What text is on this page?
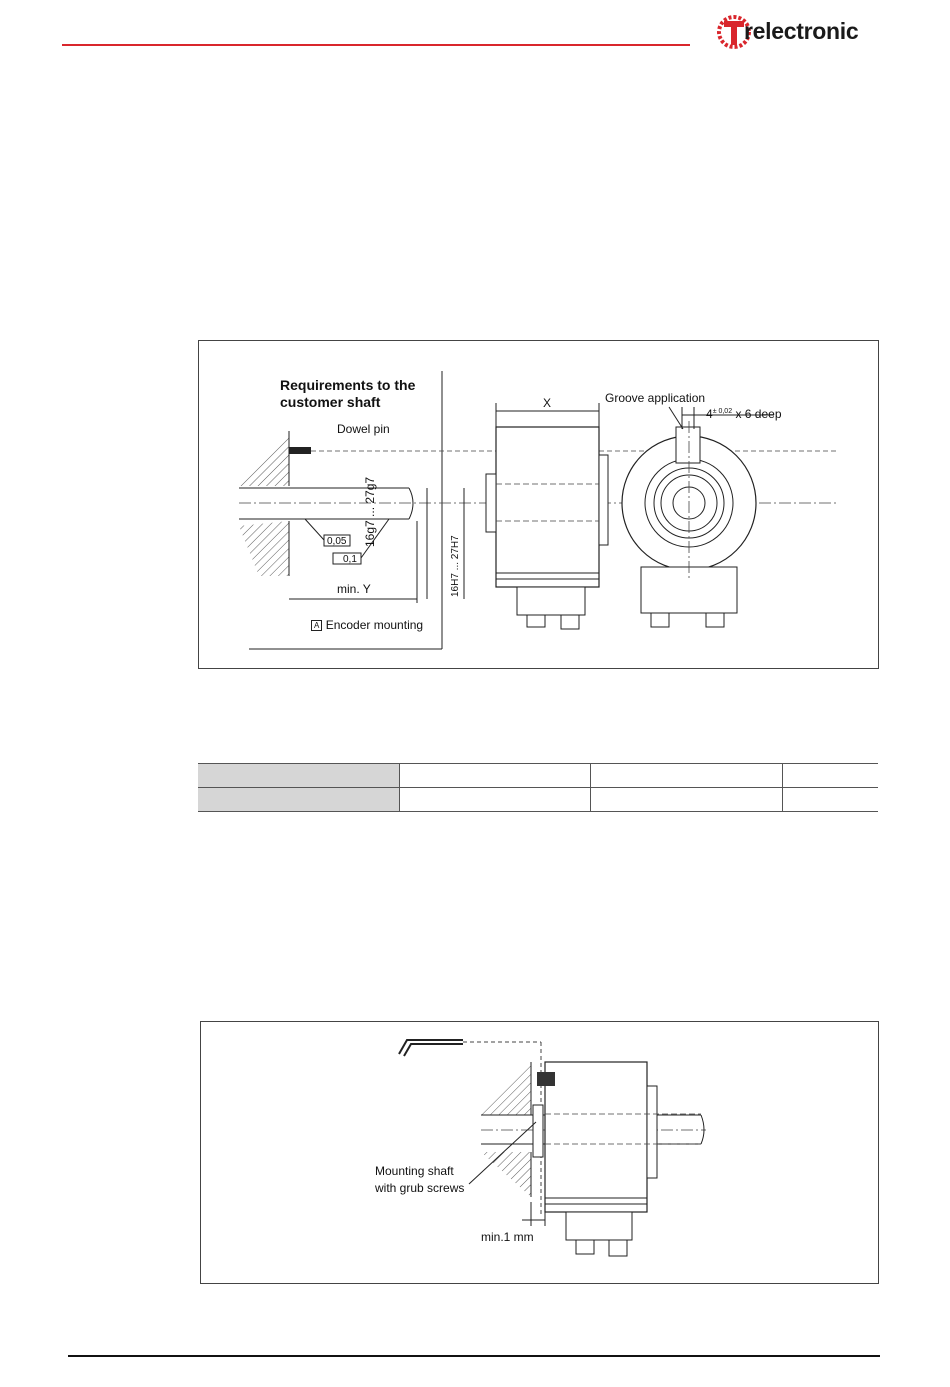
relectronic
Requirements to the
customer shaft
Dowel pin
0,05
0,1
min. Y
A Encoder mounting
16g7 ... 27g7
16H7 ... 27H7
X	Groove application
$4^{\pm 0,02}$ x 6 deep

Mounting shaft
with grub screws
min.1 mm
